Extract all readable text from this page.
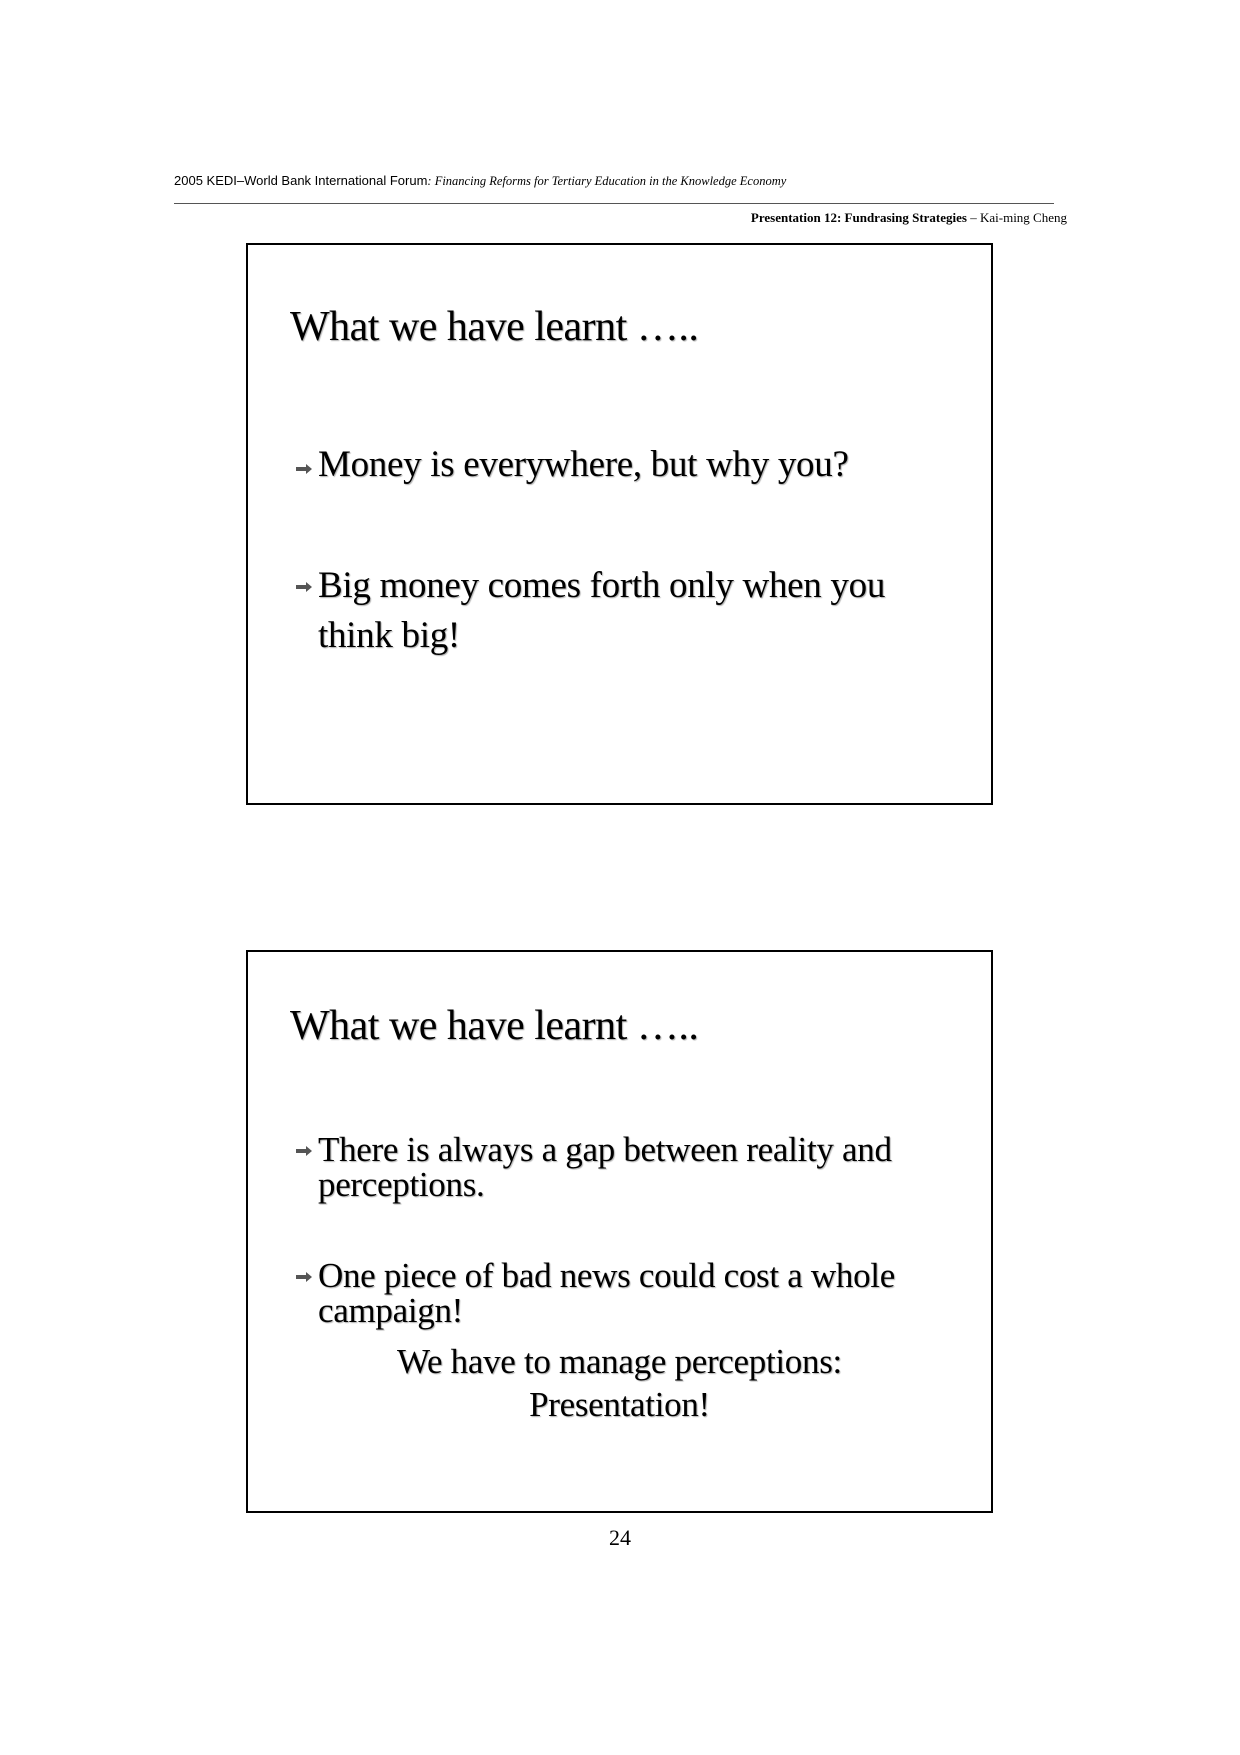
2005 KEDI–World Bank International Forum: Financing Reforms for Tertiary Education in the Knowledge Economy
Presentation 12: Fundrasing Strategies – Kai-ming Cheng
What we have learnt …..
Money is everywhere, but why you?
Big money comes forth only when you think big!
What we have learnt …..
There is always a gap between reality and perceptions.
One piece of bad news could cost a whole campaign!
We have to manage perceptions:
Presentation!
24
